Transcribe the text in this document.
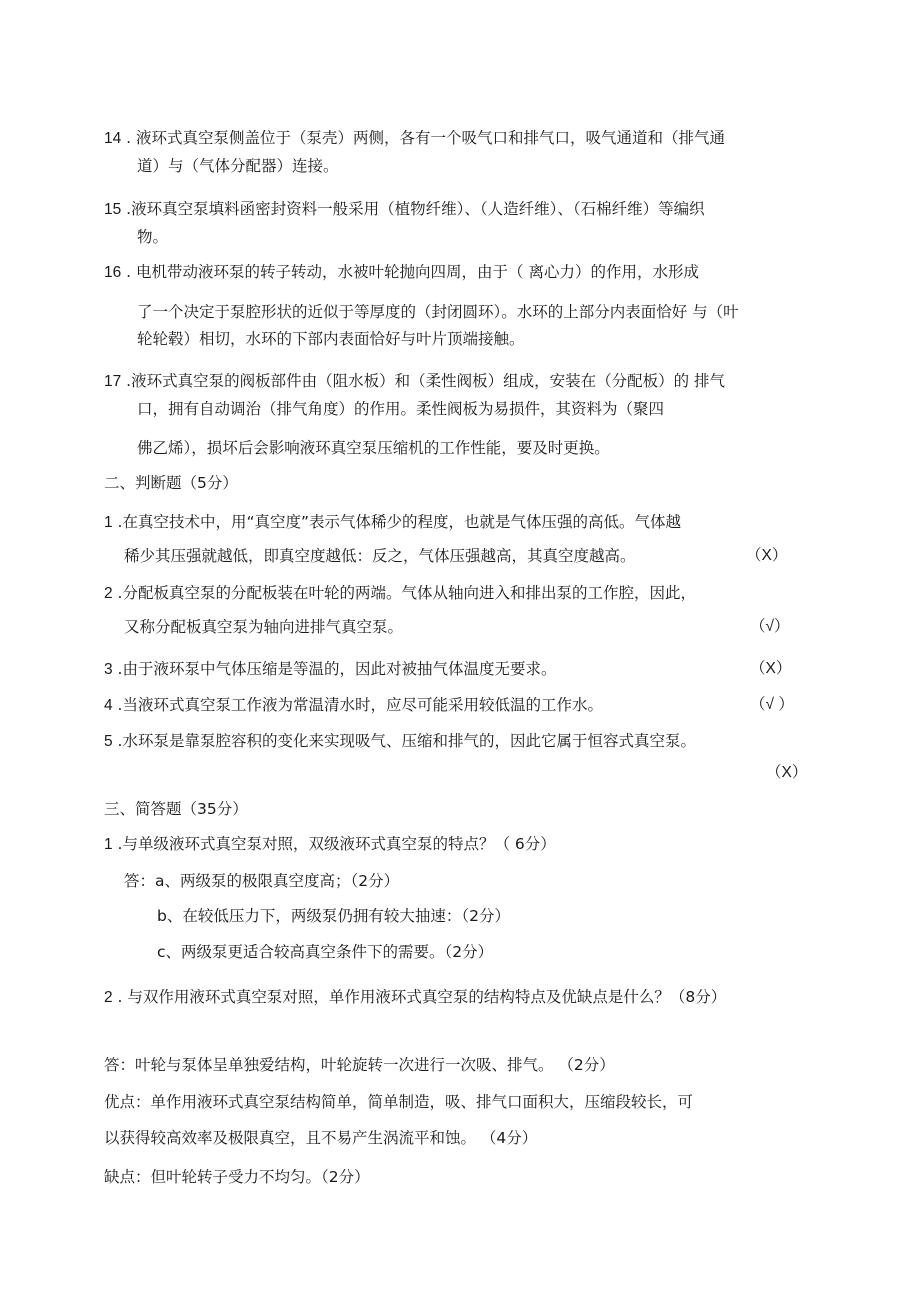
14 . 液环式真空泵侧盖位于（泵壳）两侧，各有一个吸气口和排气口，吸气通道和（排气通
道）与（气体分配器）连接。
15 .液环真空泵填料函密封资料一般采用（植物纤维）、（人造纤维）、（石棉纤维）等编织
物。
16 . 电机带动液环泵的转子转动，水被叶轮抛向四周，由于（ 离心力）的作用，水形成
了一个决定于泵腔形状的近似于等厚度的（封闭圆环）。水环的上部分内表面恰好 与（叶
轮轮毂）相切，水环的下部内表面恰好与叶片顶端接触。
17 .液环式真空泵的阀板部件由（阻水板）和（柔性阀板）组成，安装在（分配板）的 排气
口，拥有自动调治（排气角度）的作用。柔性阀板为易损件，其资料为（聚四
佛乙烯），损坏后会影响液环真空泵压缩机的工作性能，要及时更换。
二、判断题（5分）
1 .在真空技术中，用“真空度”表示气体稀少的程度，也就是气体压强的高低。气体越
稀少其压强就越低，即真空度越低：反之，气体压强越高，其真空度越高。	（X）
2 .分配板真空泵的分配板装在叶轮的两端。气体从轴向进入和排出泵的工作腔，因此，
又称分配板真空泵为轴向进排气真空泵。	（√）
3 .由于液环泵中气体压缩是等温的，因此对被抽气体温度无要求。	（X）
4 .当液环式真空泵工作液为常温清水时，应尽可能采用较低温的工作水。	（√ ）
5 .水环泵是靠泵腔容积的变化来实现吸气、压缩和排气的，因此它属于恒容式真空泵。
（X）
三、简答题（35分）
1 .与单级液环式真空泵对照，双级液环式真空泵的特点？（ 6分）
答：a、两级泵的极限真空度高；（2分）
b、在较低压力下，两级泵仍拥有较大抽速：（2分）
c、两级泵更适合较高真空条件下的需要。（2分）
2 . 与双作用液环式真空泵对照，单作用液环式真空泵的结构特点及优缺点是什么？（8分）
答：叶轮与泵体呈单独爱结构，叶轮旋转一次进行一次吸、排气。 （2分）
优点：单作用液环式真空泵结构简单，简单制造，吸、排气口面积大，压缩段较长，可
以获得较高效率及极限真空，且不易产生涡流平和蚀。 （4分）
缺点：但叶轮转子受力不均匀。（2分）
